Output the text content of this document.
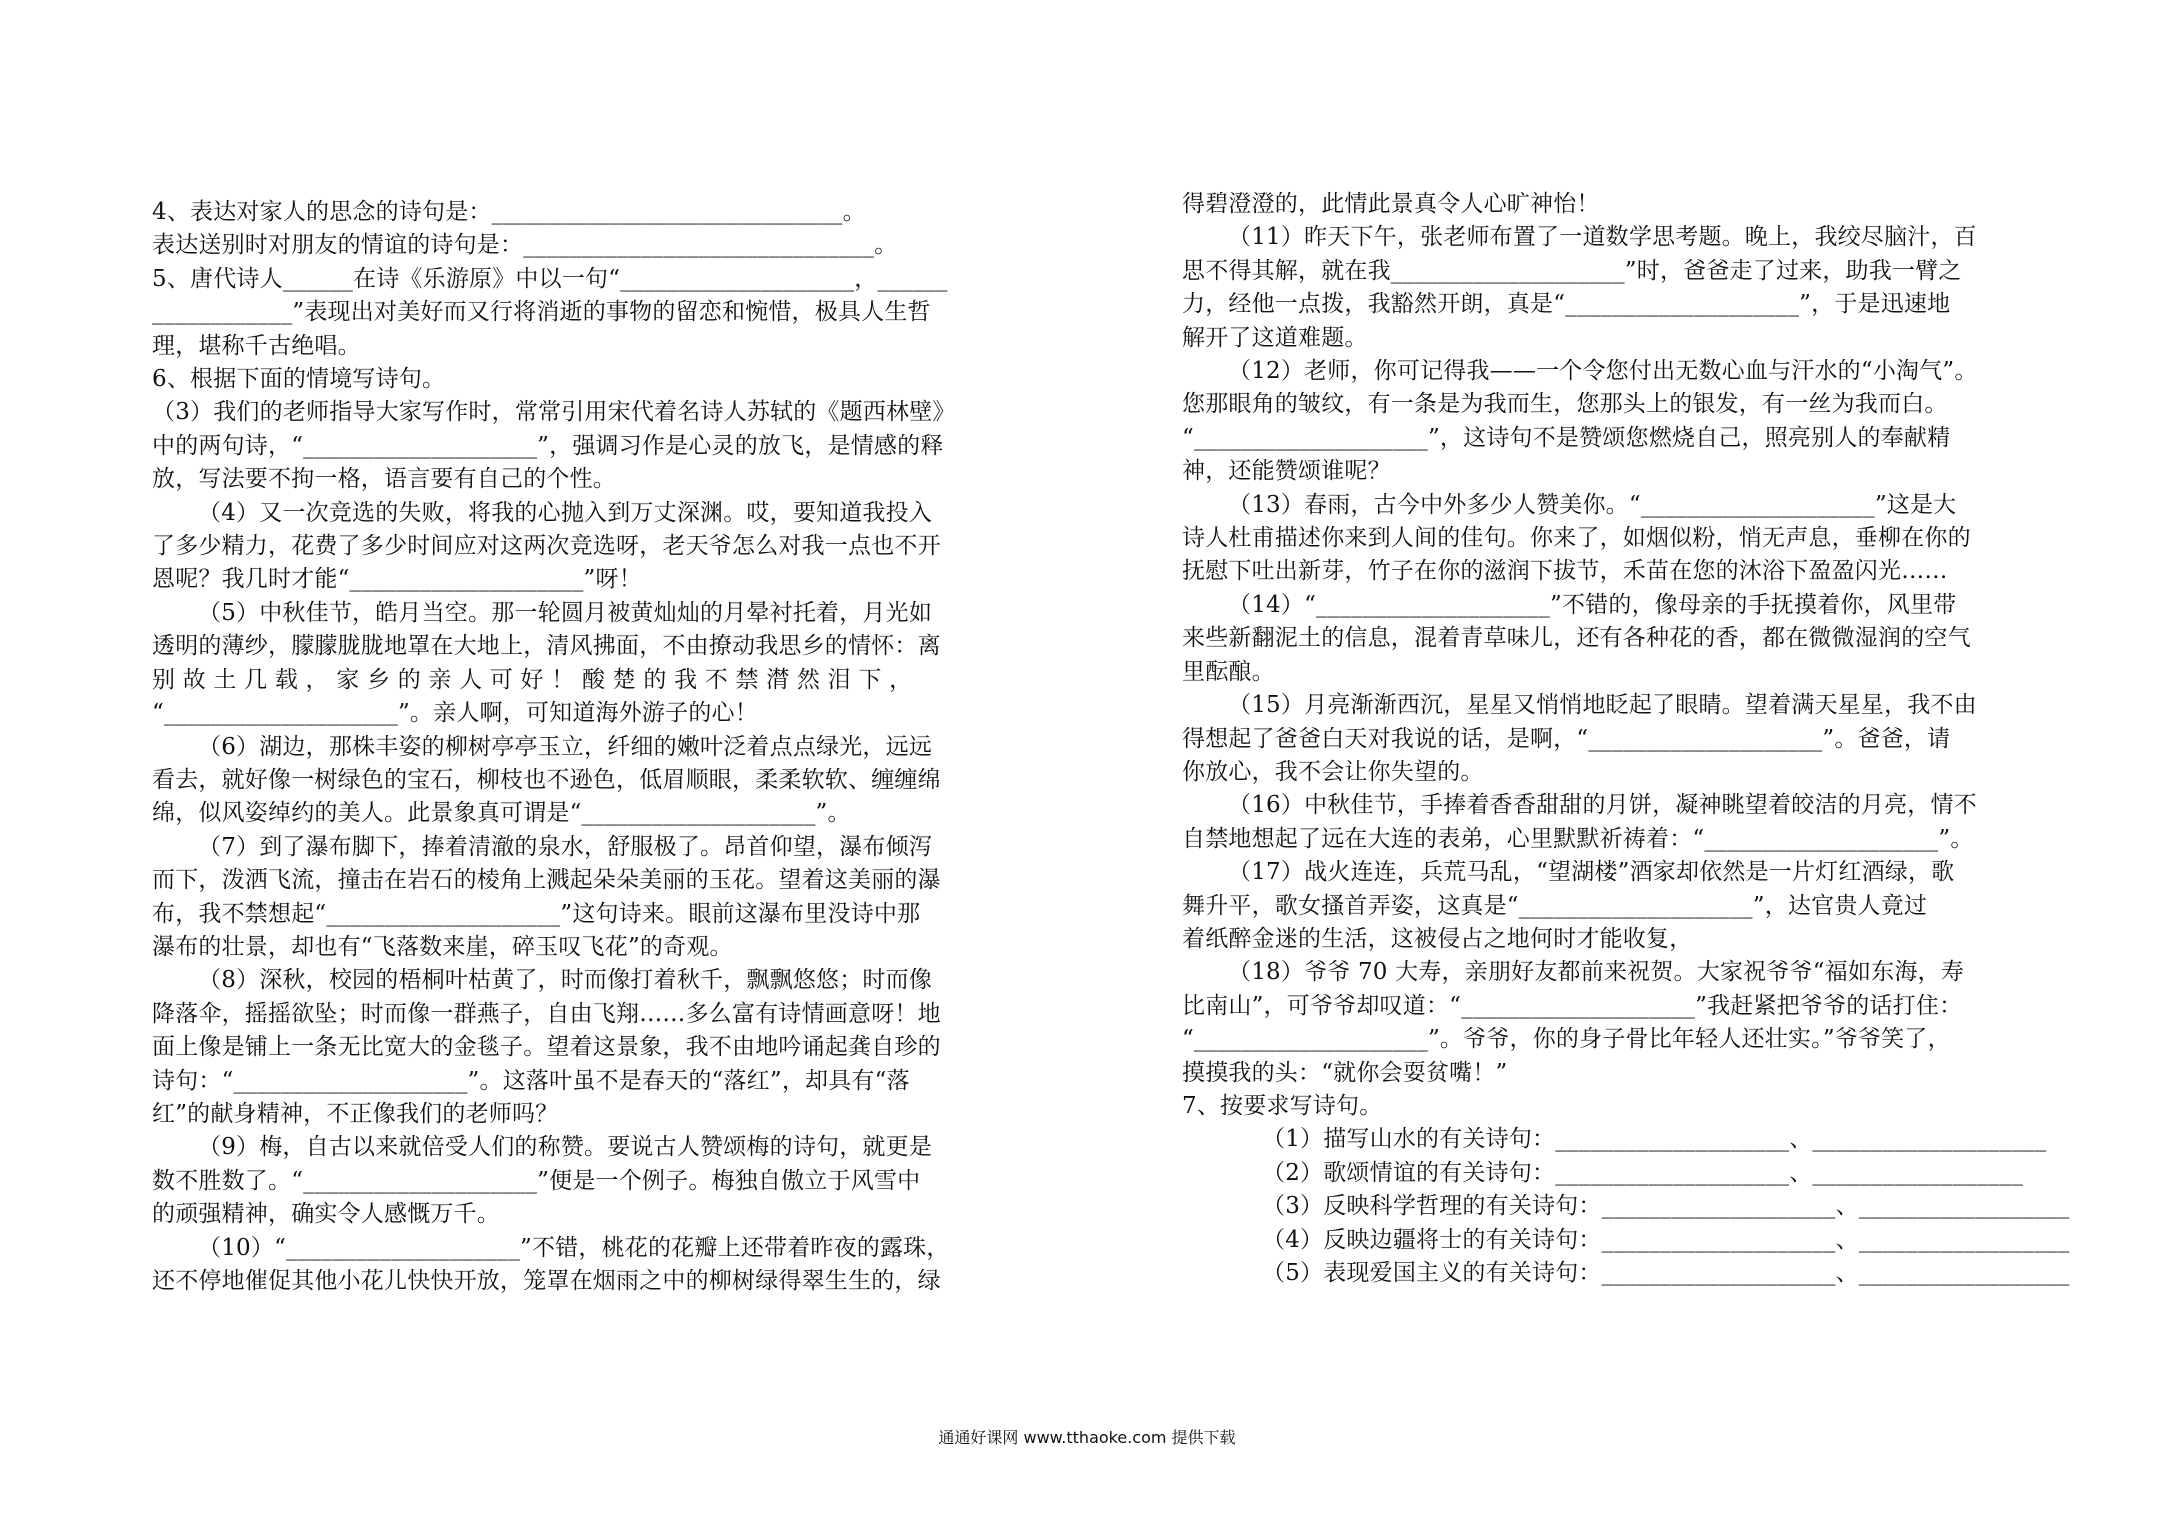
4、表达对家人的思念的诗句是：______________________________。

表达送别时对朋友的情谊的诗句是：______________________________。

5、唐代诗人______在诗《乐游原》中以一句“____________________，______

____________”表现出对美好而又行将消逝的事物的留恋和惋惜，极具人生哲

理，堪称千古绝唱。

6、根据下面的情境写诗句。

（3）我们的老师指导大家写作时，常常引用宋代着名诗人苏轼的《题西林壁》

中的两句诗，“____________________”，强调习作是心灵的放飞，是情感的释

放，写法要不拘一格，语言要有自己的个性。

（4）又一次竞选的失败，将我的心抛入到万丈深渊。哎，要知道我投入

了多少精力，花费了多少时间应对这两次竞选呀，老天爷怎么对我一点也不开

恩呢？我几时才能“____________________”呀！

（5）中秋佳节，皓月当空。那一轮圆月被黄灿灿的月晕衬托着，月光如

透明的薄纱，朦朦胧胧地罩在大地上，清风拂面，不由撩动我思乡的情怀：离

别 故 土 几 载 ， 家 乡 的 亲 人 可 好 ！ 酸 楚 的 我 不 禁 潸 然 泪 下 ，

“____________________”。亲人啊，可知道海外游子的心！

（6）湖边，那株丰姿的柳树亭亭玉立，纤细的嫩叶泛着点点绿光，远远

看去，就好像一树绿色的宝石，柳枝也不逊色，低眉顺眼，柔柔软软、缠缠绵

绵，似风姿绰约的美人。此景象真可谓是“____________________”。

（7）到了瀑布脚下，捧着清澈的泉水，舒服极了。昂首仰望，瀑布倾泻

而下，泼洒飞流，撞击在岩石的棱角上溅起朵朵美丽的玉花。望着这美丽的瀑

布，我不禁想起“____________________”这句诗来。眼前这瀑布里没诗中那

瀑布的壮景，却也有“飞落数来崖，碎玉叹飞花”的奇观。

（8）深秋，校园的梧桐叶枯黄了，时而像打着秋千，飘飘悠悠；时而像

降落伞，摇摇欲坠；时而像一群燕子，自由飞翔……多么富有诗情画意呀！地

面上像是铺上一条无比宽大的金毯子。望着这景象，我不由地吟诵起龚自珍的

诗句：“____________________”。这落叶虽不是春天的“落红”，却具有“落

红”的献身精神，不正像我们的老师吗？

（9）梅，自古以来就倍受人们的称赞。要说古人赞颂梅的诗句，就更是

数不胜数了。“____________________”便是一个例子。梅独自傲立于风雪中

的顽强精神，确实令人感慨万千。

（10）“____________________”不错，桃花的花瓣上还带着昨夜的露珠，

还不停地催促其他小花儿快快开放，笼罩在烟雨之中的柳树绿得翠生生的，绿

得碧澄澄的，此情此景真令人心旷神怡！

（11）昨天下午，张老师布置了一道数学思考题。晚上，我绞尽脑汁，百

思不得其解，就在我____________________”时，爸爸走了过来，助我一臂之

力，经他一点拨，我豁然开朗，真是“____________________”，于是迅速地

解开了这道难题。

（12）老师，你可记得我——一个令您付出无数心血与汗水的“小淘气”。

您那眼角的皱纹，有一条是为我而生，您那头上的银发，有一丝为我而白。

“____________________”，这诗句不是赞颂您燃烧自己，照亮别人的奉献精

神，还能赞颂谁呢？

（13）春雨，古今中外多少人赞美你。“____________________”这是大

诗人杜甫描述你来到人间的佳句。你来了，如烟似粉，悄无声息，垂柳在你的

抚慰下吐出新芽，竹子在你的滋润下拔节，禾苗在您的沐浴下盈盈闪光……

（14）“____________________”不错的，像母亲的手抚摸着你，风里带

来些新翻泥土的信息，混着青草味儿，还有各种花的香，都在微微湿润的空气

里酝酿。

（15）月亮渐渐西沉，星星又悄悄地眨起了眼睛。望着满天星星，我不由

得想起了爸爸白天对我说的话，是啊，“____________________”。爸爸，请

你放心，我不会让你失望的。

（16）中秋佳节，手捧着香香甜甜的月饼，凝神眺望着皎洁的月亮，情不

自禁地想起了远在大连的表弟，心里默默祈祷着：“____________________”。

（17）战火连连，兵荒马乱，“望湖楼”酒家却依然是一片灯红酒绿，歌

舞升平，歌女搔首弄姿，这真是“____________________”，达官贵人竟过

着纸醉金迷的生活，这被侵占之地何时才能收复，

（18）爷爷 70 大寿，亲朋好友都前来祝贺。大家祝爷爷“福如东海，寿

比南山”，可爷爷却叹道：“____________________”我赶紧把爷爷的话打住：

“____________________”。爷爷，你的身子骨比年轻人还壮实。”爷爷笑了，

摸摸我的头：“就你会耍贫嘴！”

7、按要求写诗句。

（1）描写山水的有关诗句：____________________、____________________

（2）歌颂情谊的有关诗句：____________________、__________________

（3）反映科学哲理的有关诗句：____________________、__________________

（4）反映边疆将士的有关诗句：____________________、__________________

（5）表现爱国主义的有关诗句：____________________、__________________

通通好课网 www.tthaoke.com 提供下载
